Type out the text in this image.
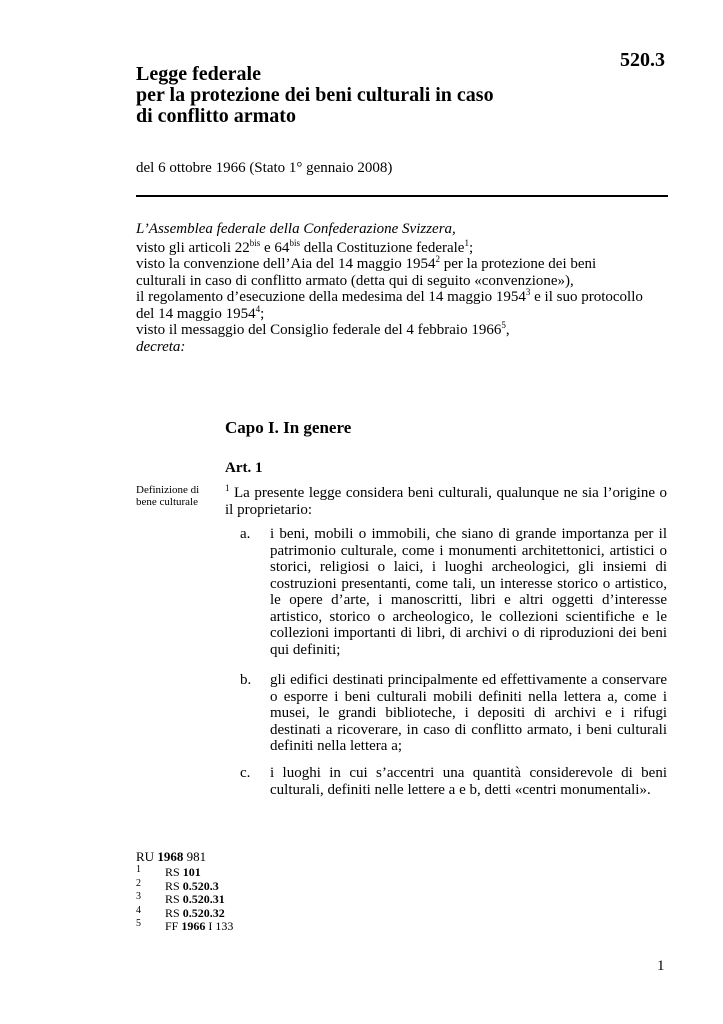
520.3
Legge federale
per la protezione dei beni culturali in caso
di conflitto armato
del 6 ottobre 1966 (Stato 1° gennaio 2008)
L’Assemblea federale della Confederazione Svizzera,
visto gli articoli $22^{bis}$ e $64^{bis}$ della Costituzione federale$^1$;
visto la convenzione dell’Aia del 14 maggio 1954$^2$ per la protezione dei beni
culturali in caso di conflitto armato (detta qui di seguito «convenzione»),
il regolamento d’esecuzione della medesima del 14 maggio 1954$^3$ e il suo protocollo
del 14 maggio 1954$^4$;
visto il messaggio del Consiglio federale del 4 febbraio 1966$^5$,
decreta:
Capo I. In genere
Art. 1
Definizione di
bene culturale
$^1$ La presente legge considera beni culturali, qualunque ne sia l’origine o il proprietario:
a. i beni, mobili o immobili, che siano di grande importanza per il patrimonio culturale, come i monumenti architettonici, artistici o storici, religiosi o laici, i luoghi archeologici, gli insiemi di costruzioni presentanti, come tali, un interesse storico o artistico, le opere d’arte, i manoscritti, libri e altri oggetti d’interesse artistico, storico o archeologico, le collezioni scientifiche e le collezioni importanti di libri, di archivi o di riproduzioni dei beni qui definiti;
b. gli edifici destinati principalmente ed effettivamente a conservare o esporre i beni culturali mobili definiti nella lettera a, come i musei, le grandi biblioteche, i depositi di archivi e i rifugi destinati a ricoverare, in caso di conflitto armato, i beni culturali definiti nella lettera a;
c. i luoghi in cui s’accentri una quantità considerevole di beni culturali, definiti nelle lettere a e b, detti «centri monumentali».
RU 1968 981
1 RS 101
2 RS 0.520.3
3 RS 0.520.31
4 RS 0.520.32
5 FF 1966 I 133
1
